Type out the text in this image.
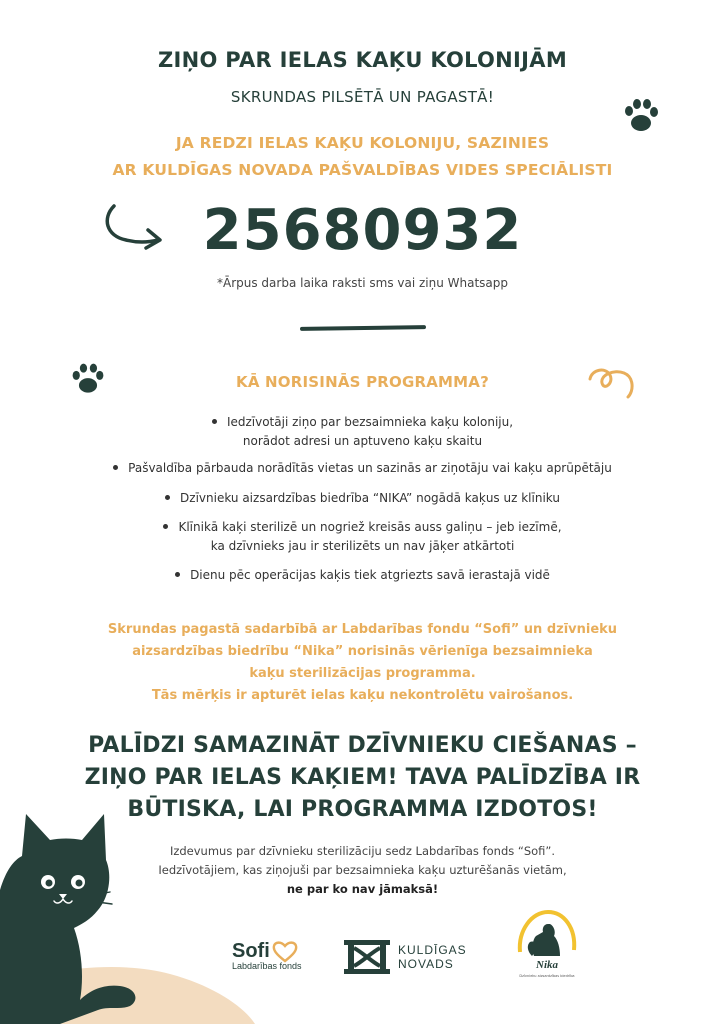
ZIŅO PAR IELAS KAĶU KOLONIJĀM
SKRUNDAS PILSĒTĀ UN PAGASTĀ!
JA REDZI IELAS KAĶU KOLONIJU, SAZINIES
AR KULDĪGAS NOVADA PAŠVALDĪBAS VIDES SPECIĀLISTI
25680932
*Ārpus darba laika raksti sms vai ziņu Whatsapp
KĀ NORISINĀS PROGRAMMA?
Iedzīvotāji ziņo par bezsaimnieka kaķu koloniju,
norādot adresi un aptuveno kaķu skaitu
Pašvaldība pārbauda norādītās vietas un sazinās ar ziņotāju vai kaķu aprūpētāju
Dzīvnieku aizsardzības biedrība “NIKA” nogādā kaķus uz klīniku
Klīnikā kaķi sterilizē un nogriež kreisās auss galiņu – jeb iezīmē,
ka dzīvnieks jau ir sterilizēts un nav jāķer atkārtoti
Dienu pēc operācijas kaķis tiek atgriezts savā ierastajā vidē
Skrundas pagastā sadarbībā ar Labdarības fondu “Sofi” un dzīvnieku
aizsardzības biedrību “Nika” norisinās vērienīga bezsaimnieka
kaķu sterilizācijas programma.
Tās mērķis ir apturēt ielas kaķu nekontrolētu vairošanos.
PALĪDZI SAMAZINĀT DZĪVNIEKU CIEŠANAS –
ZIŅO PAR IELAS KAĶIEM! TAVA PALĪDZĪBA IR
BŪTISKA, LAI PROGRAMMA IZDOTOS!
Izdevumus par dzīvnieku sterilizāciju sedz Labdarības fonds “Sofi”.
Iedzīvotājiem, kas ziņojuši par bezsaimnieka kaķu uzturēšanās vietām,
ne par ko nav jāmaksā!
Sofi
Labdarības fonds
KULDĪGAS
NOVADS	Nika
Dzīvnieku aizsardzības biedrība
